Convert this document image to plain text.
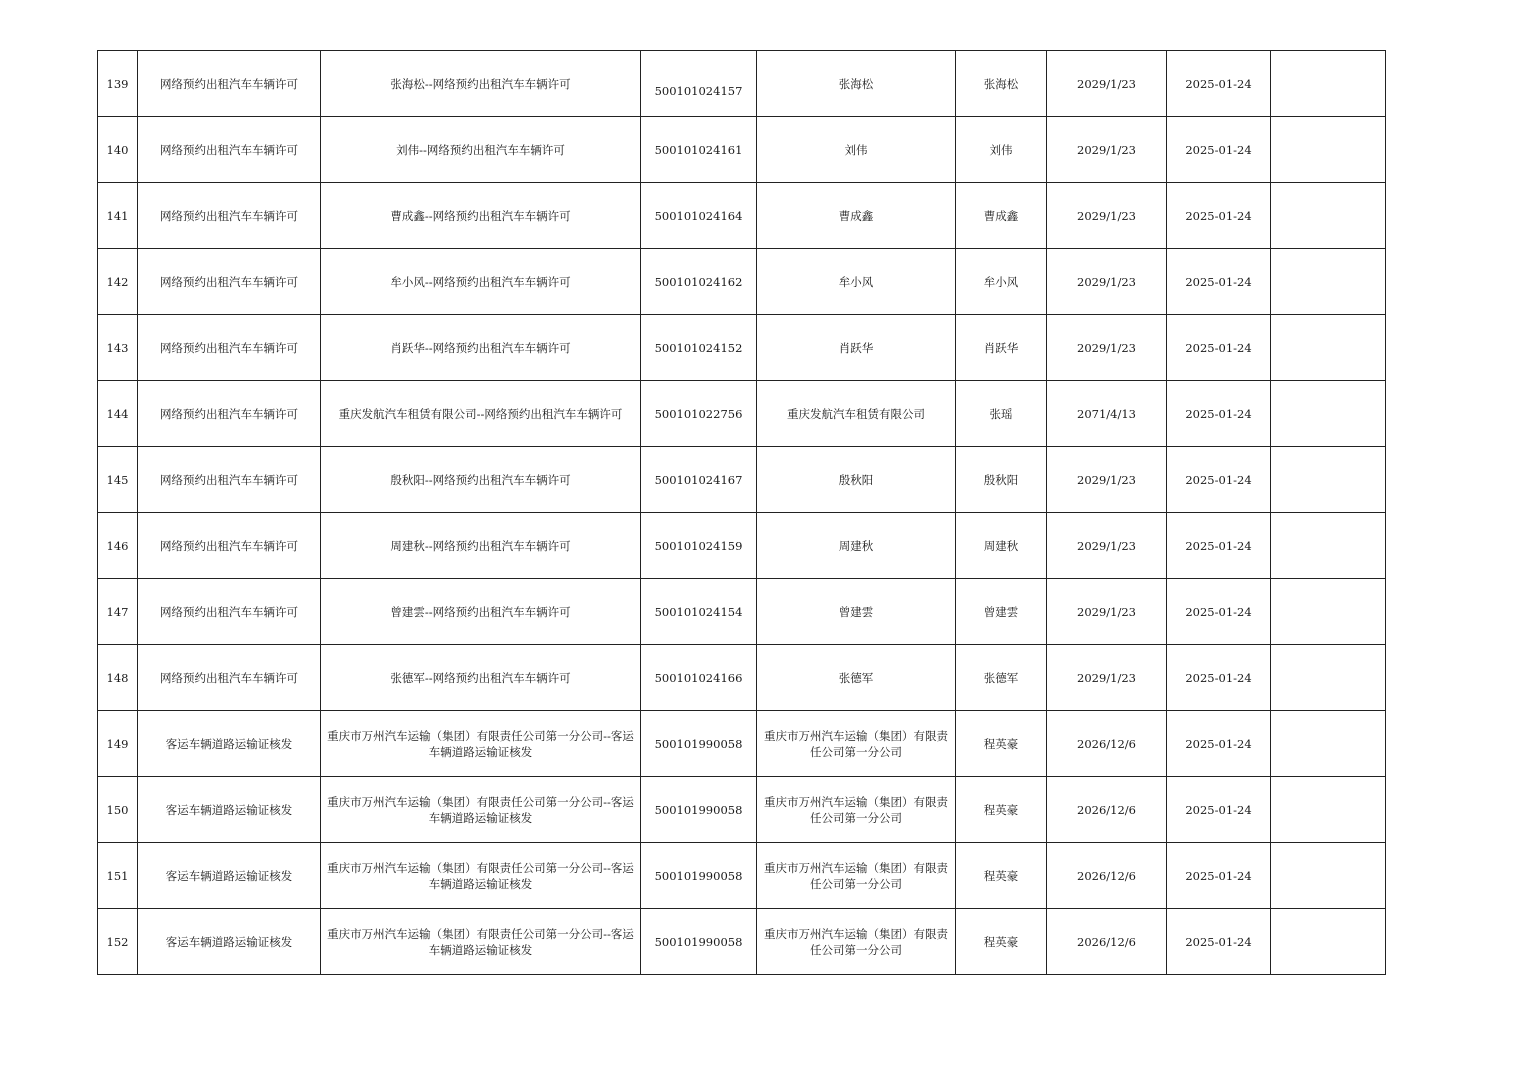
139	网络预约出租汽车车辆许可	张海松--网络预约出租汽车车辆许可	500101024157	张海松	张海松	2029/1/23	2025-01-24	
140	网络预约出租汽车车辆许可	刘伟--网络预约出租汽车车辆许可	500101024161	刘伟	刘伟	2029/1/23	2025-01-24	
141	网络预约出租汽车车辆许可	曹成鑫--网络预约出租汽车车辆许可	500101024164	曹成鑫	曹成鑫	2029/1/23	2025-01-24	
142	网络预约出租汽车车辆许可	牟小风--网络预约出租汽车车辆许可	500101024162	牟小风	牟小风	2029/1/23	2025-01-24	
143	网络预约出租汽车车辆许可	肖跃华--网络预约出租汽车车辆许可	500101024152	肖跃华	肖跃华	2029/1/23	2025-01-24	
144	网络预约出租汽车车辆许可	重庆发航汽车租赁有限公司--网络预约出租汽车车辆许可	500101022756	重庆发航汽车租赁有限公司	张瑶	2071/4/13	2025-01-24	
145	网络预约出租汽车车辆许可	殷秋阳--网络预约出租汽车车辆许可	500101024167	殷秋阳	殷秋阳	2029/1/23	2025-01-24	
146	网络预约出租汽车车辆许可	周建秋--网络预约出租汽车车辆许可	500101024159	周建秋	周建秋	2029/1/23	2025-01-24	
147	网络预约出租汽车车辆许可	曾建雲--网络预约出租汽车车辆许可	500101024154	曾建雲	曾建雲	2029/1/23	2025-01-24	
148	网络预约出租汽车车辆许可	张德军--网络预约出租汽车车辆许可	500101024166	张德军	张德军	2029/1/23	2025-01-24	
149	客运车辆道路运输证核发	重庆市万州汽车运输（集团）有限责任公司第一分公司--客运车辆道路运输证核发	500101990058	重庆市万州汽车运输（集团）有限责任公司第一分公司	程英豪	2026/12/6	2025-01-24	
150	客运车辆道路运输证核发	重庆市万州汽车运输（集团）有限责任公司第一分公司--客运车辆道路运输证核发	500101990058	重庆市万州汽车运输（集团）有限责任公司第一分公司	程英豪	2026/12/6	2025-01-24	
151	客运车辆道路运输证核发	重庆市万州汽车运输（集团）有限责任公司第一分公司--客运车辆道路运输证核发	500101990058	重庆市万州汽车运输（集团）有限责任公司第一分公司	程英豪	2026/12/6	2025-01-24	
152	客运车辆道路运输证核发	重庆市万州汽车运输（集团）有限责任公司第一分公司--客运车辆道路运输证核发	500101990058	重庆市万州汽车运输（集团）有限责任公司第一分公司	程英豪	2026/12/6	2025-01-24	
